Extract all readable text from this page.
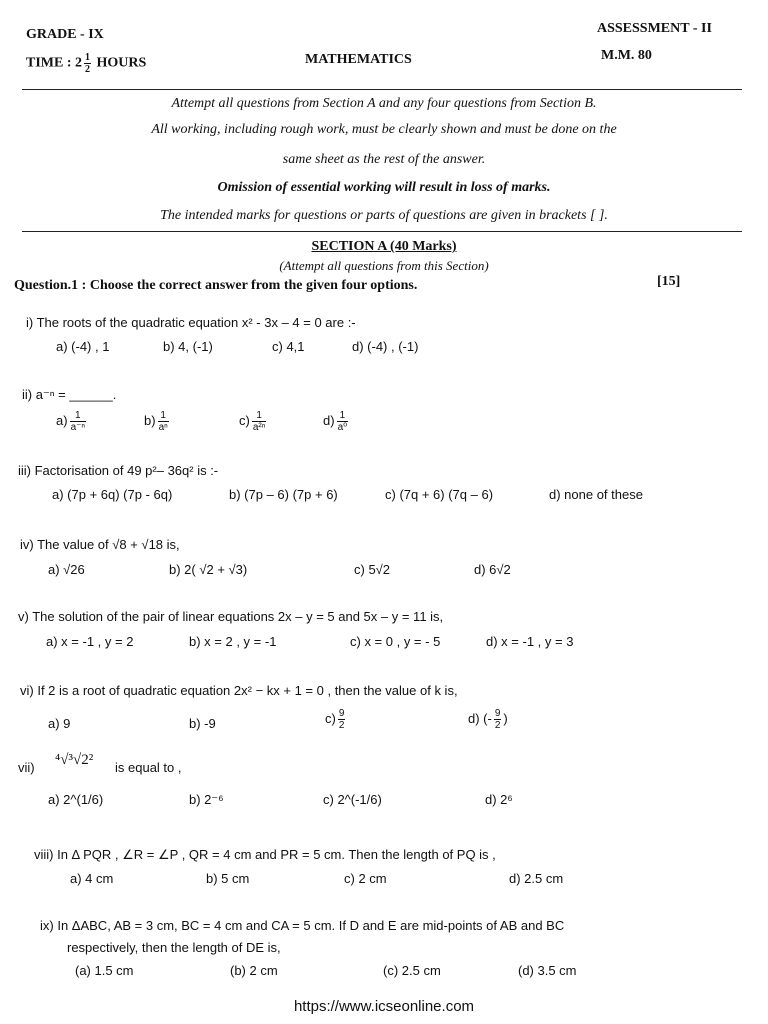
GRADE - IX
TIME : $2 \frac{1}{2}$ HOURS	MATHEMATICS
ASSESSMENT - II
M.M. 80
Attempt all questions from Section A and any four questions from Section B.
All working, including rough work, must be clearly shown and must be done on the
same sheet as the rest of the answer.
Omission of essential working will result in loss of marks.
The intended marks for questions or parts of questions are given in brackets [ ].
SECTION A (40 Marks)
(Attempt all questions from this Section)
Question.1 : Choose the correct answer from the given four options.	[15]
i) The roots of the quadratic equation x² - 3x – 4 = 0 are :-
a) (-4) , 1	b) 4, (-1)	c) 4,1	d) (-4) , (-1)
ii) a⁻ⁿ = ______.
$a) \frac{1}{\text{a⁻ⁿ}}$	$b) \frac{1}{\text{aⁿ}}$	$c) \frac{1}{\text{a²ⁿ}}$	$d) \frac{1}{\text{a⁰}}$
iii) Factorisation of 49 p²– 36q² is :-
a) (7p + 6q) (7p - 6q)	b) (7p – 6) (7p + 6)	c) (7q + 6) (7q – 6)	d) none of these
iv) The value of √8 + √18 is,
a) √26	b) 2( √2 + √3)	c) 5√2	d) 6√2
v) The solution of the pair of linear equations 2x – y = 5 and 5x – y = 11 is,
a) x = -1 , y = 2	b) x = 2 , y = -1	c) x = 0 , y = - 5	d) x = -1 , y = 3
vi) If 2 is a root of quadratic equation 2x² − kx + 1 = 0 , then the value of k is,
a) 9	b) -9	$c) \frac{9}{2}$	d) (- $\frac{9}{2}$ )
vii) ⁴√³√2² is equal to ,
a) 2^(1/6)	b) 2⁻⁶	c) 2^(-1/6)	d) 2⁶
viii) In Δ PQR , ∠R = ∠P , QR = 4 cm and PR = 5 cm. Then the length of PQ is ,
a) 4 cm	b) 5 cm	c) 2 cm	d) 2.5 cm
ix) In ΔABC, AB = 3 cm, BC = 4 cm and CA = 5 cm. If D and E are mid-points of AB and BC
respectively, then the length of DE is,
(a) 1.5 cm	(b) 2 cm	(c) 2.5 cm	(d) 3.5 cm
https://www.icseonline.com
